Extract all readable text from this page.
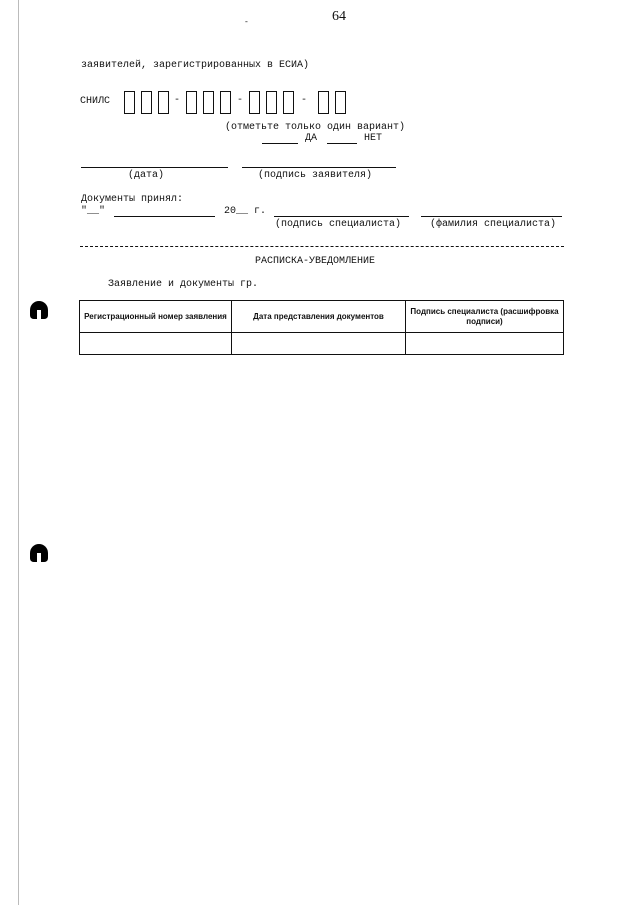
64
-
заявителей, зарегистрированных в ЕСИА)
СНИЛС	-	-	-
(отметьте только один вариант)
ДА	НЕТ
(дата)	(подпись заявителя)
Документы принял:
"__"	20__ г.
(подпись специалиста)	(фамилия специалиста)
РАСПИСКА-УВЕДОМЛЕНИЕ
Заявление и документы гр.
Регистрационный номер заявления	Дата представления документов	Подпись специалиста (расшифровка подписи)
